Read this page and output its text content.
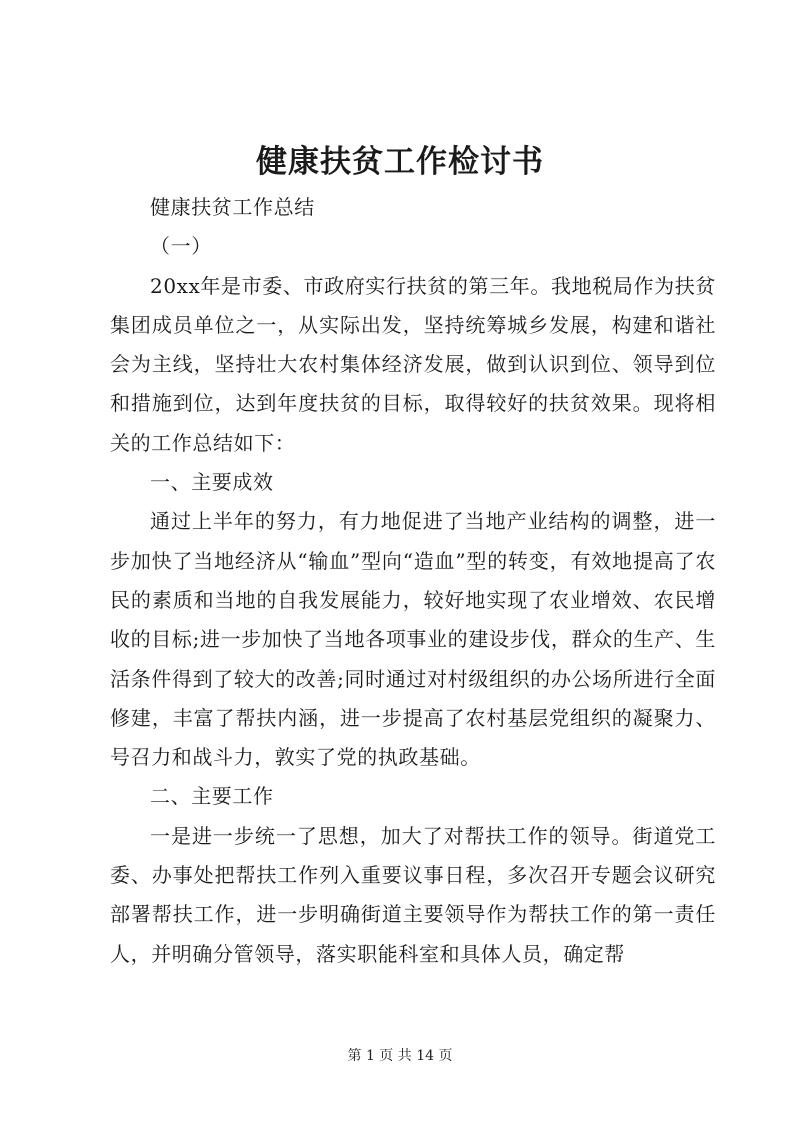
健康扶贫工作检讨书

健康扶贫工作总结

（一）

20xx年是市委、市政府实行扶贫的第三年。我地税局作为扶贫集团成员单位之一，从实际出发，坚持统筹城乡发展，构建和谐社会为主线，坚持壮大农村集体经济发展，做到认识到位、领导到位和措施到位，达到年度扶贫的目标，取得较好的扶贫效果。现将相关的工作总结如下：

一、主要成效

通过上半年的努力，有力地促进了当地产业结构的调整，进一步加快了当地经济从“输血”型向“造血”型的转变，有效地提高了农民的素质和当地的自我发展能力，较好地实现了农业增效、农民增收的目标;进一步加快了当地各项事业的建设步伐，群众的生产、生活条件得到了较大的改善;同时通过对村级组织的办公场所进行全面修建，丰富了帮扶内涵，进一步提高了农村基层党组织的凝聚力、号召力和战斗力，敦实了党的执政基础。

二、主要工作

一是进一步统一了思想，加大了对帮扶工作的领导。街道党工委、办事处把帮扶工作列入重要议事日程，多次召开专题会议研究部署帮扶工作，进一步明确街道主要领导作为帮扶工作的第一责任人，并明确分管领导，落实职能科室和具体人员，确定帮

第 1 页 共 14 页
